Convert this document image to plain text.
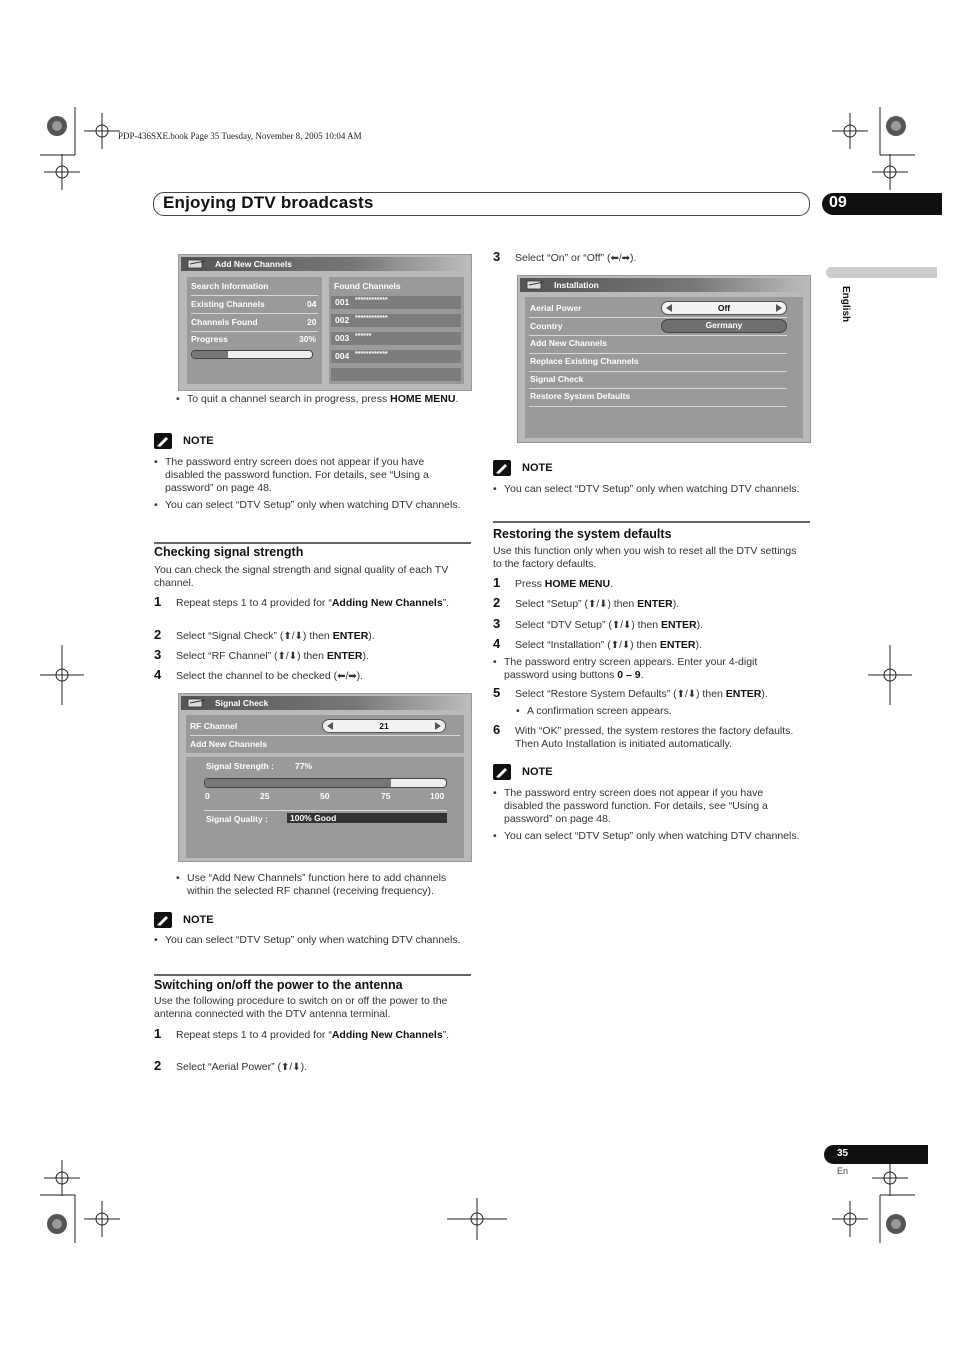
PDP-436SXE.book Page 35 Tuesday, November 8, 2005 10:04 AM
Enjoying DTV broadcasts	09
English
Add New Channels
Search Information
Existing Channels	04
Channels Found	20
Progress	30%
Found Channels
001 ************
002 ************
003 ******
004 ************
• To quit a channel search in progress, press HOME MENU.
NOTE
• The password entry screen does not appear if you have disabled the password function. For details, see “Using a password” on page 48.
• You can select “DTV Setup” only when watching DTV channels.
Checking signal strength
You can check the signal strength and signal quality of each TV channel.
1 Repeat steps 1 to 4 provided for “Adding New Channels”.
2 Select “Signal Check” (⬆/⬇) then ENTER).
3 Select “RF Channel” (⬆/⬇) then ENTER).
4 Select the channel to be checked (⬅/➡).
Signal Check
RF Channel	21
Add New Channels
Signal Strength : 77%
0	25	50	75	100
Signal Quality :	100% Good
• Use “Add New Channels” function here to add channels within the selected RF channel (receiving frequency).
NOTE
• You can select “DTV Setup” only when watching DTV channels.
Switching on/off the power to the antenna
Use the following procedure to switch on or off the power to the antenna connected with the DTV antenna terminal.
1 Repeat steps 1 to 4 provided for “Adding New Channels”.
2 Select “Aerial Power” (⬆/⬇).
3 Select “On” or “Off” (⬅/➡).
Installation
Aerial Power	Off
Country	Germany
Add New Channels
Replace Existing Channels
Signal Check
Restore System Defaults
NOTE
• You can select “DTV Setup” only when watching DTV channels.
Restoring the system defaults
Use this function only when you wish to reset all the DTV settings to the factory defaults.
1 Press HOME MENU.
2 Select “Setup” (⬆/⬇) then ENTER).
3 Select “DTV Setup” (⬆/⬇) then ENTER).
4 Select “Installation” (⬆/⬇) then ENTER).
• The password entry screen appears. Enter your 4-digit password using buttons 0 – 9.
5 Select “Restore System Defaults” (⬆/⬇) then ENTER).
• A confirmation screen appears.
6 With “OK” pressed, the system restores the factory defaults. Then Auto Installation is initiated automatically.
NOTE
• The password entry screen does not appear if you have disabled the password function. For details, see “Using a password” on page 48.
• You can select “DTV Setup” only when watching DTV channels.
35
En
